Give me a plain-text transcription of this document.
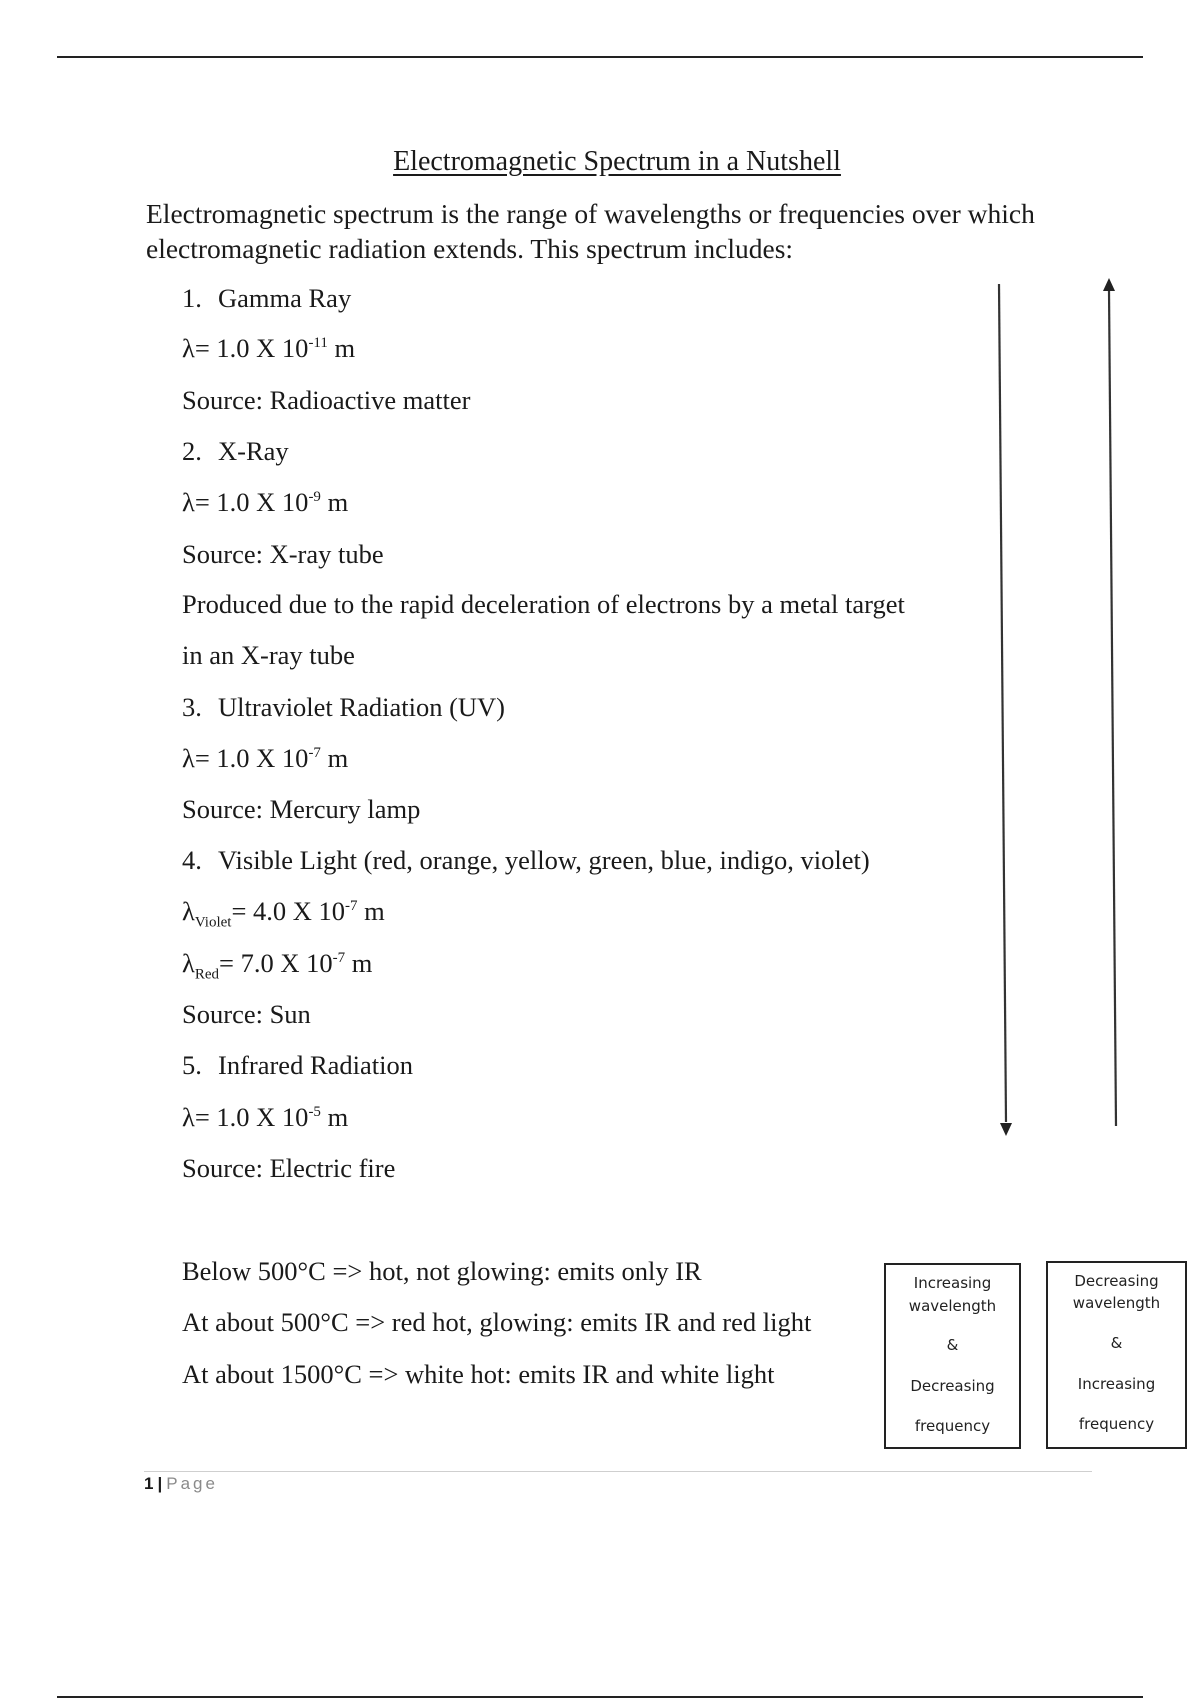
Electromagnetic Spectrum in a Nutshell
Electromagnetic spectrum is the range of wavelengths or frequencies over which electromagnetic radiation extends. This spectrum includes:
1. Gamma Ray
λ= 1.0 X $10^{-11}$ m
Source: Radioactive matter
2. X-Ray
λ= 1.0 X $10^{-9}$ m
Source: X-ray tube
Produced due to the rapid deceleration of electrons by a metal target
in an X-ray tube
3. Ultraviolet Radiation (UV)
λ= 1.0 X $10^{-7}$ m
Source: Mercury lamp
4. Visible Light (red, orange, yellow, green, blue, indigo, violet)
$\lambda_{Violet}= 4.0$ X $10^{-7}$ m
$\lambda_{Red}= 7.0$ X $10^{-7}$ m
Source: Sun
5. Infrared Radiation
λ= 1.0 X $10^{-5}$ m
Source: Electric fire
Below 500°C => hot, not glowing: emits only IR
At about 500°C => red hot, glowing: emits IR and red light
At about 1500°C => white hot: emits IR and white light
Increasing
wavelength
&
Decreasing
frequency
Decreasing
wavelength
&
Increasing
frequency
1 | Page
